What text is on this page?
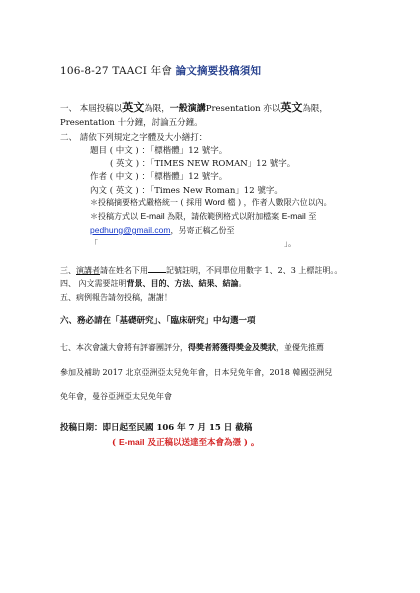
106-8-27 TAACI 年會 論文摘要投稿須知
一、 本屆投稿以英文為限，一般演講Presentation 亦以英文為限，
Presentation 十分鐘，討論五分鐘。
二、 請依下列規定之字體及大小繕打：
題目 ( 中文 ) ：「標楷體」12 號字。
( 英文 ) ：「TIMES NEW ROMAN」12 號字。
作者 ( 中文 ) ：「標楷體」12 號字。
內文 ( 英文 ) ：「Times New Roman」12 號字。
＊投稿摘要格式嚴格統一 ( 採用 Word 檔 ) ，作者人數限六位以內。
＊投稿方式以 E-mail 為限，請依範例格式以附加檔案 E-mail 至
pedhung@gmail.com，另寄正稿乙份至
「	」。
三、演講者請在姓名下用 記號註明，不同單位用數字 1、2、3 上標註明。。
四、 內文需要註明背景、目的、方法、結果、結論。
五、病例報告請勿投稿，謝謝！
六、務必請在「基礎研究」、「臨床研究」中勾選一項
七、本次會議大會將有評審團評分，得獎者將獲得獎金及獎狀，並優先推薦
參加及補助 2017 北京亞洲亞太兒免年會，日本兒免年會，2018 韓國亞洲兒
免年會，曼谷亞洲亞太兒免年會
投稿日期：即日起至民國 106 年 7 月 15 日 截稿
( E-mail 及正稿以送達至本會為憑 ) 。
